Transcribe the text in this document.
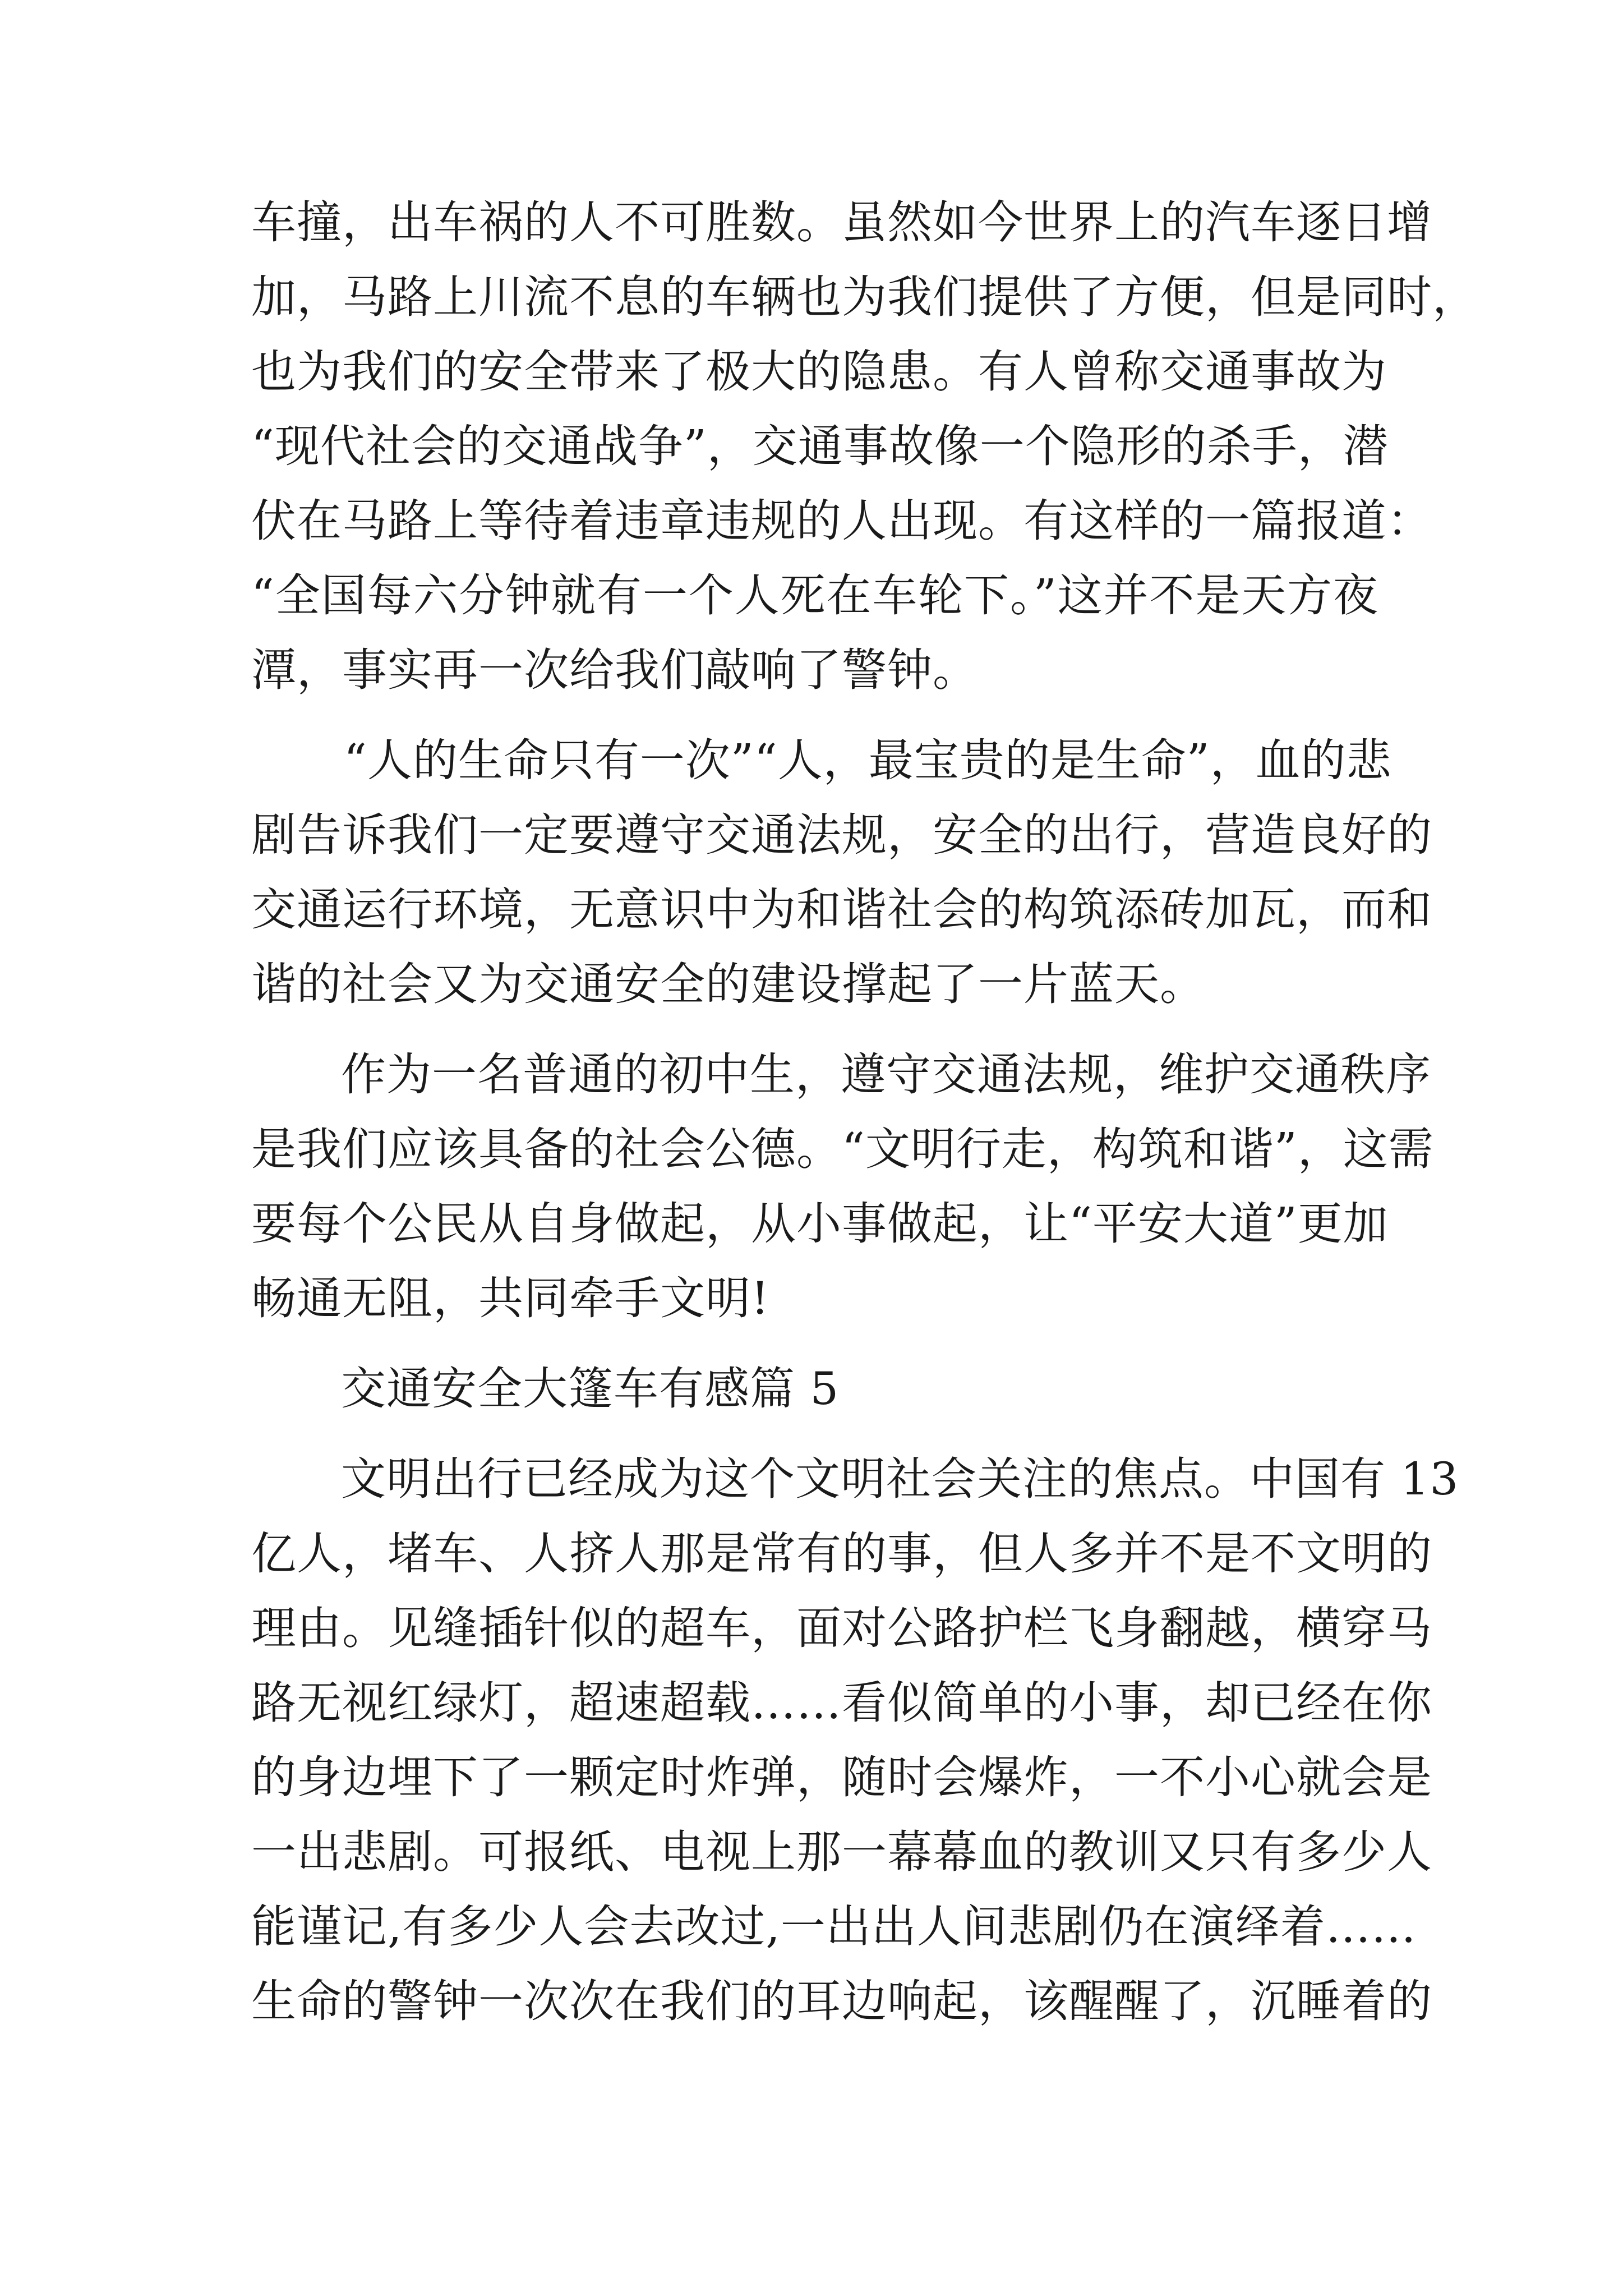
车撞，出车祸的人不可胜数。虽然如今世界上的汽车逐日增
加，马路上川流不息的车辆也为我们提供了方便，但是同时，
也为我们的安全带来了极大的隐患。有人曾称交通事故为
“现代社会的交通战争”，交通事故像一个隐形的杀手，潜
伏在马路上等待着违章违规的人出现。有这样的一篇报道：
“全国每六分钟就有一个人死在车轮下。”这并不是天方夜
潭，事实再一次给我们敲响了警钟。
“人的生命只有一次”“人，最宝贵的是生命”，血的悲
剧告诉我们一定要遵守交通法规，安全的出行，营造良好的
交通运行环境，无意识中为和谐社会的构筑添砖加瓦，而和
谐的社会又为交通安全的建设撑起了一片蓝天。
作为一名普通的初中生，遵守交通法规，维护交通秩序
是我们应该具备的社会公德。“文明行走，构筑和谐”，这需
要每个公民从自身做起，从小事做起，让“平安大道”更加
畅通无阻，共同牵手文明!
交通安全大篷车有感篇 5
文明出行已经成为这个文明社会关注的焦点。中国有 13
亿人，堵车、人挤人那是常有的事，但人多并不是不文明的
理由。见缝插针似的超车，面对公路护栏飞身翻越，横穿马
路无视红绿灯，超速超载……看似简单的小事，却已经在你
的身边埋下了一颗定时炸弹，随时会爆炸，一不小心就会是
一出悲剧。可报纸、电视上那一幕幕血的教训又只有多少人
能谨记,有多少人会去改过,一出出人间悲剧仍在演绎着……
生命的警钟一次次在我们的耳边响起，该醒醒了，沉睡着的
